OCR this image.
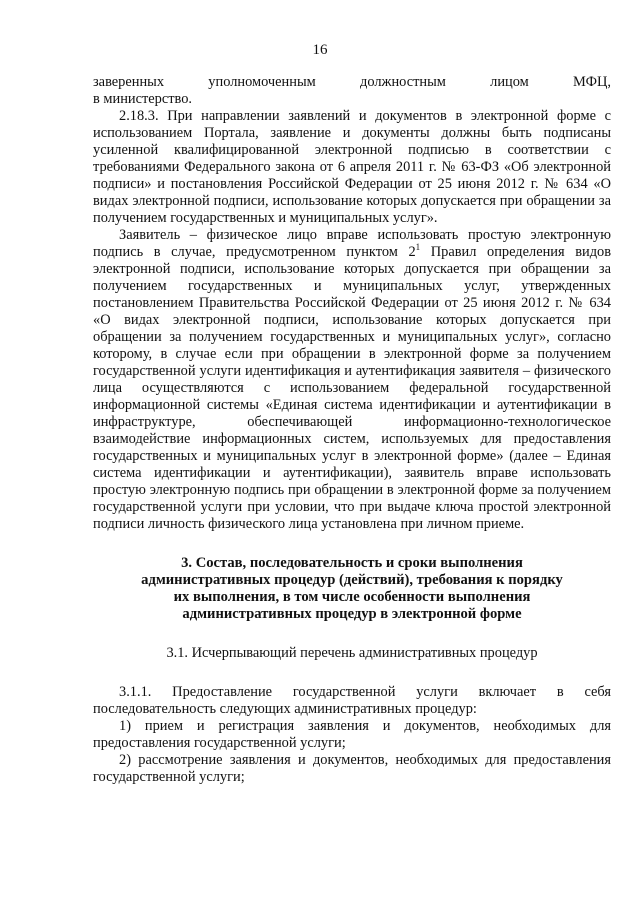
16

заверенных уполномоченным должностным лицом МФЦ,
в министерство.

2.18.3. При направлении заявлений и документов в электронной форме с использованием Портала, заявление и документы должны быть подписаны усиленной квалифицированной электронной подписью в соответствии с требованиями Федерального закона от 6 апреля 2011 г. № 63-ФЗ «Об электронной подписи» и постановления Российской Федерации от 25 июня 2012 г. № 634 «О видах электронной подписи, использование которых допускается при обращении за получением государственных и муниципальных услуг».

Заявитель – физическое лицо вправе использовать простую электронную подпись в случае, предусмотренном пунктом $2^1$ Правил определения видов электронной подписи, использование которых допускается при обращении за получением государственных и муниципальных услуг, утвержденных постановлением Правительства Российской Федерации от 25 июня 2012 г. № 634 «О видах электронной подписи, использование которых допускается при обращении за получением государственных и муниципальных услуг», согласно которому, в случае если при обращении в электронной форме за получением государственной услуги идентификация и аутентификация заявителя – физического лица осуществляются с использованием федеральной государственной информационной системы «Единая система идентификации и аутентификации в инфраструктуре, обеспечивающей информационно-технологическое взаимодействие информационных систем, используемых для предоставления государственных и муниципальных услуг в электронной форме» (далее – Единая система идентификации и аутентификации), заявитель вправе использовать простую электронную подпись при обращении в электронной форме за получением государственной услуги при условии, что при выдаче ключа простой электронной подписи личность физического лица установлена при личном приеме.

3. Состав, последовательность и сроки выполнения
административных процедур (действий), требования к порядку
их выполнения, в том числе особенности выполнения
административных процедур в электронной форме
3.1. Исчерпывающий перечень административных процедур

3.1.1. Предоставление государственной услуги включает в себя последовательность следующих административных процедур:

1) прием и регистрация заявления и документов, необходимых для предоставления государственной услуги;

2) рассмотрение заявления и документов, необходимых для предоставления государственной услуги;
